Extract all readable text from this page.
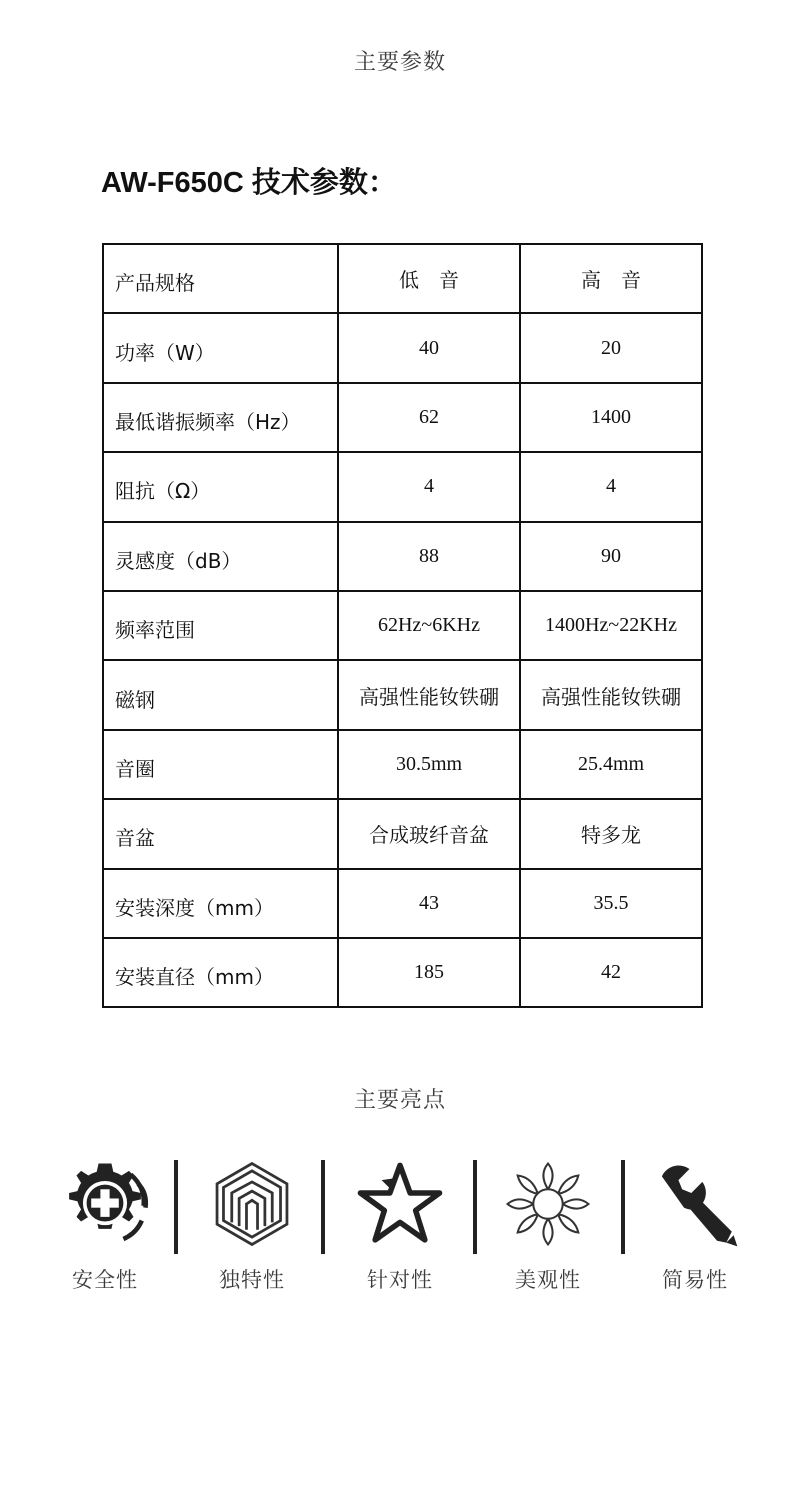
主要参数
AW-F650C 技术参数：
产品规格	低　音	高　音
功率（W）	40	20
最低谐振频率（Hz）	62	1400
阻抗（Ω）	4	4
灵感度（dB）	88	90
频率范围	62Hz~6KHz	1400Hz~22KHz
磁钢	高强性能钕铁硼	高强性能钕铁硼
音圈	30.5mm	25.4mm
音盆	合成玻纤音盆	特多龙
安装深度（mm）	43	35.5
安装直径（mm）	185	42
主要亮点
安全性	独特性	针对性	美观性	简易性
